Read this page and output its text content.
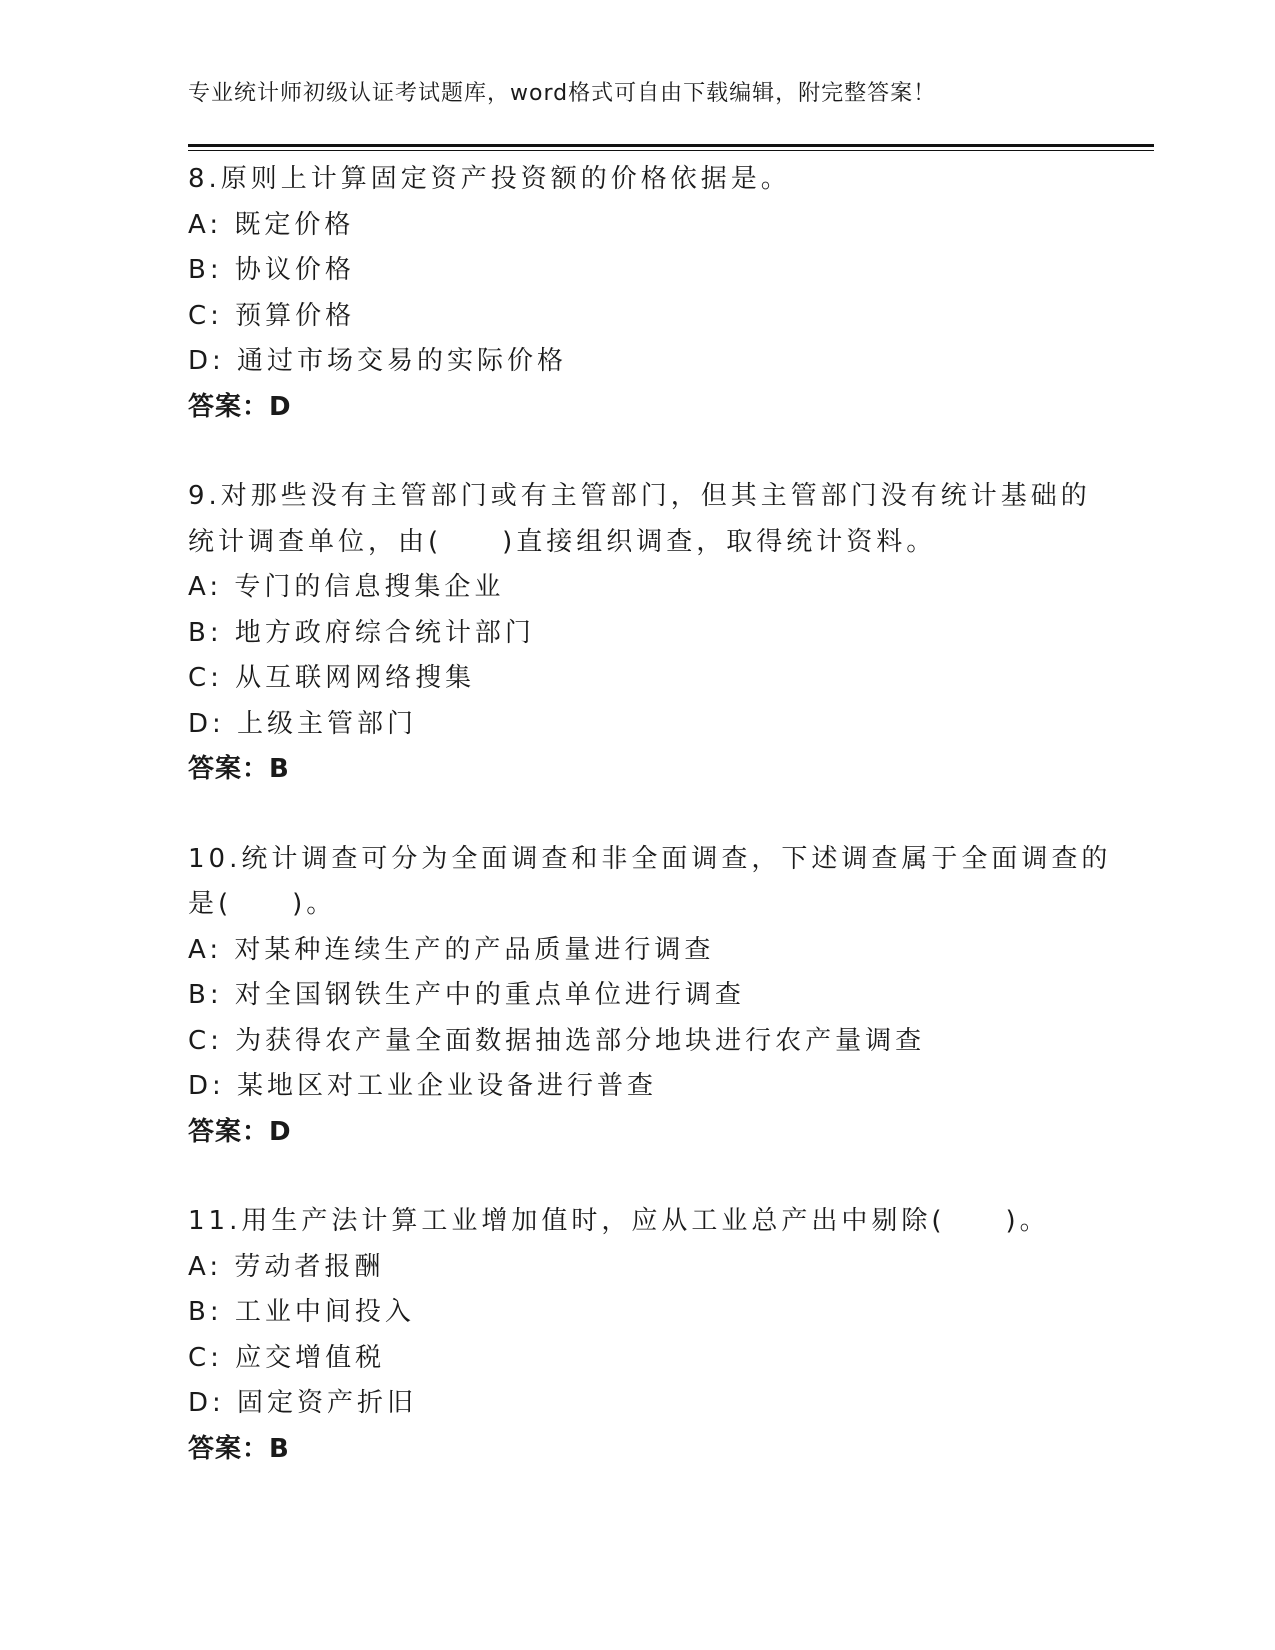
专业统计师初级认证考试题库，word格式可自由下载编辑，附完整答案！
8.原则上计算固定资产投资额的价格依据是。
A: 既定价格
B: 协议价格
C: 预算价格
D: 通过市场交易的实际价格
答案：D
9.对那些没有主管部门或有主管部门，但其主管部门没有统计基础的
统计调查单位，由(　　)直接组织调查，取得统计资料。
A: 专门的信息搜集企业
B: 地方政府综合统计部门
C: 从互联网网络搜集
D: 上级主管部门
答案：B
10.统计调查可分为全面调查和非全面调查，下述调查属于全面调查的
是(　　)。
A: 对某种连续生产的产品质量进行调查
B: 对全国钢铁生产中的重点单位进行调查
C: 为获得农产量全面数据抽选部分地块进行农产量调查
D: 某地区对工业企业设备进行普查
答案：D
11.用生产法计算工业增加值时，应从工业总产出中剔除(　　)。
A: 劳动者报酬
B: 工业中间投入
C: 应交增值税
D: 固定资产折旧
答案：B
